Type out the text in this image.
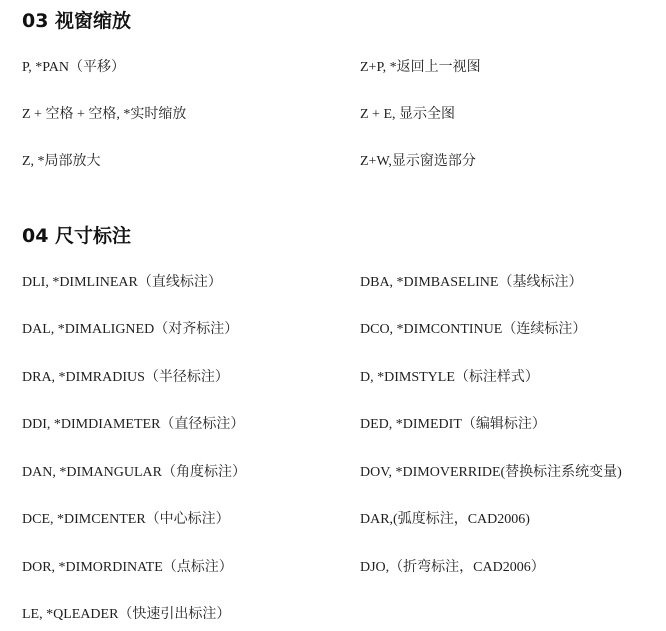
03 视窗缩放
P, *PAN（平移）	Z+P, *返回上一视图
Z + 空格 + 空格, *实时缩放	Z + E, 显示全图
Z, *局部放大	Z+W,显示窗选部分
04 尺寸标注
DLI, *DIMLINEAR（直线标注）	DBA, *DIMBASELINE（基线标注）
DAL, *DIMALIGNED（对齐标注）	DCO, *DIMCONTINUE（连续标注）
DRA, *DIMRADIUS（半径标注）	D, *DIMSTYLE（标注样式）
DDI, *DIMDIAMETER（直径标注）	DED, *DIMEDIT（编辑标注）
DAN, *DIMANGULAR（角度标注）	DOV, *DIMOVERRIDE(替换标注系统变量)
DCE, *DIMCENTER（中心标注）	DAR,(弧度标注，CAD2006)
DOR, *DIMORDINATE（点标注）	DJO,（折弯标注，CAD2006）
LE, *QLEADER（快速引出标注）
